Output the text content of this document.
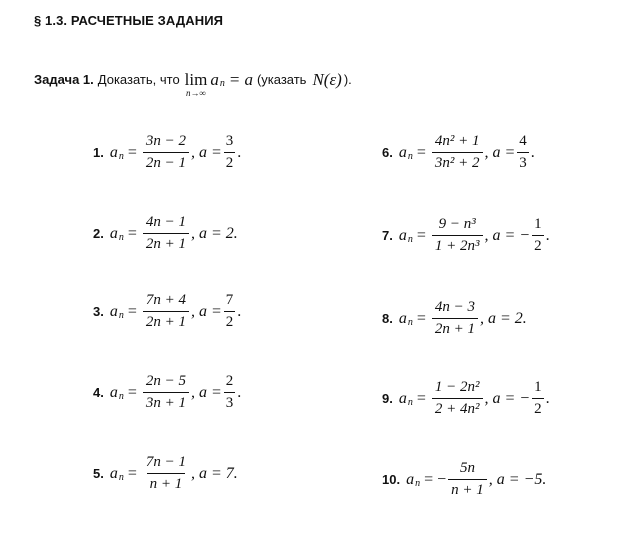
§ 1.3. РАСЧЕТНЫЕ ЗАДАНИЯ
Задача 1. Доказать, что lim
n→∞
a n = a (указать N(ε) ).
1. a $n = \frac{3n - 2}{2n - 1}$ , $a = \frac{3}{2}$ .
2. a $n = \frac{4n - 1}{2n + 1}$ , a = 2.
3. a $n = \frac{7n + 4}{2n + 1}$ , $a = \frac{7}{2}$ .
4. a $n = \frac{2n - 5}{3n + 1}$ , $a = \frac{2}{3}$ .
5. a $n = \frac{7n - 1}{n + 1}$ , a = 7.
6. a $n = \frac{\text{4n² + 1}}{\text{3n² + 2}}$ , $a = \frac{4}{3}$ .
7. a $n = \frac{\text{9 − n³}}{\text{1 + 2n³}}$ , a = − $\frac{1}{2}$ .
8. a $n = \frac{4n - 3}{2n + 1}$ , a = 2.
9. a $n = \frac{\text{1 − 2n²}}{\text{2 + 4n²}}$ , a = − $\frac{1}{2}$ .
10. a n = − $\frac{5n}{n + 1}$ , a = −5.
